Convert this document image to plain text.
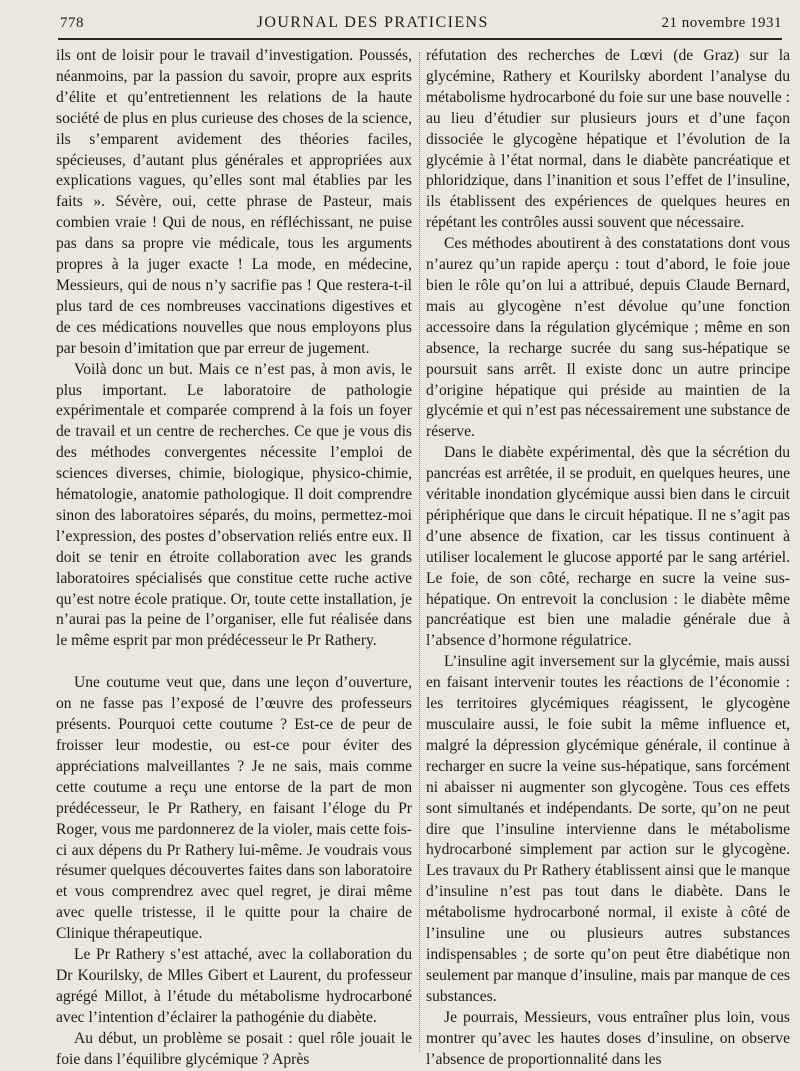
778	JOURNAL DES PRATICIENS	21 novembre 1931

ils ont de loisir pour le travail d’investigation. Poussés, néanmoins, par la passion du savoir, propre aux esprits d’élite et qu’entretiennent les relations de la haute société de plus en plus curieuse des choses de la science, ils s’emparent avidement des théories faciles, spécieuses, d’autant plus générales et appropriées aux explications vagues, qu’elles sont mal établies par les faits ». Sévère, oui, cette phrase de Pasteur, mais combien vraie ! Qui de nous, en réfléchissant, ne puise pas dans sa propre vie médicale, tous les arguments propres à la juger exacte ! La mode, en médecine, Messieurs, qui de nous n’y sacrifie pas ! Que restera-t-il plus tard de ces nombreuses vaccinations digestives et de ces médications nouvelles que nous employons plus par besoin d’imitation que par erreur de jugement.

Voilà donc un but. Mais ce n’est pas, à mon avis, le plus important. Le laboratoire de pathologie expérimentale et comparée comprend à la fois un foyer de travail et un centre de recherches. Ce que je vous dis des méthodes convergentes nécessite l’emploi de sciences diverses, chimie, biologique, physico-chimie, hématologie, anatomie pathologique. Il doit comprendre sinon des laboratoires séparés, du moins, permettez-moi l’expression, des postes d’observation reliés entre eux. Il doit se tenir en étroite collaboration avec les grands laboratoires spécialisés que constitue cette ruche active qu’est notre école pratique. Or, toute cette installation, je n’aurai pas la peine de l’organiser, elle fut réalisée dans le même esprit par mon prédécesseur le Pr Rathery.

Une coutume veut que, dans une leçon d’ouverture, on ne fasse pas l’exposé de l’œuvre des professeurs présents. Pourquoi cette coutume ? Est-ce de peur de froisser leur modestie, ou est-ce pour éviter des appréciations malveillantes ? Je ne sais, mais comme cette coutume a reçu une entorse de la part de mon prédécesseur, le Pr Rathery, en faisant l’éloge du Pr Roger, vous me pardonnerez de la violer, mais cette fois-ci aux dépens du Pr Rathery lui-même. Je voudrais vous résumer quelques découvertes faites dans son laboratoire et vous comprendrez avec quel regret, je dirai même avec quelle tristesse, il le quitte pour la chaire de Clinique thérapeutique.

Le Pr Rathery s’est attaché, avec la collaboration du Dr Kourilsky, de Mlles Gibert et Laurent, du professeur agrégé Millot, à l’étude du métabolisme hydrocarboné avec l’intention d’éclairer la pathogénie du diabète.

Au début, un problème se posait : quel rôle jouait le foie dans l’équilibre glycémique ? Après

réfutation des recherches de Lœvi (de Graz) sur la glycémine, Rathery et Kourilsky abordent l’analyse du métabolisme hydrocarboné du foie sur une base nouvelle : au lieu d’étudier sur plusieurs jours et d’une façon dissociée le glycogène hépatique et l’évolution de la glycémie à l’état normal, dans le diabète pancréatique et phloridzique, dans l’inanition et sous l’effet de l’insuline, ils établissent des expériences de quelques heures en répétant les contrôles aussi souvent que nécessaire.

Ces méthodes aboutirent à des constatations dont vous n’aurez qu’un rapide aperçu : tout d’abord, le foie joue bien le rôle qu’on lui a attribué, depuis Claude Bernard, mais au glycogène n’est dévolue qu’une fonction accessoire dans la régulation glycémique ; même en son absence, la recharge sucrée du sang sus-hépatique se poursuit sans arrêt. Il existe donc un autre principe d’origine hépatique qui préside au maintien de la glycémie et qui n’est pas nécessairement une substance de réserve.

Dans le diabète expérimental, dès que la sécrétion du pancréas est arrêtée, il se produit, en quelques heures, une véritable inondation glycémique aussi bien dans le circuit périphérique que dans le circuit hépatique. Il ne s’agit pas d’une absence de fixation, car les tissus continuent à utiliser localement le glucose apporté par le sang artériel. Le foie, de son côté, recharge en sucre la veine sus-hépatique. On entrevoit la conclusion : le diabète même pancréatique est bien une maladie générale due à l’absence d’hormone régulatrice.

L’insuline agit inversement sur la glycémie, mais aussi en faisant intervenir toutes les réactions de l’économie : les territoires glycémiques réagissent, le glycogène musculaire aussi, le foie subit la même influence et, malgré la dépression glycémique générale, il continue à recharger en sucre la veine sus-hépatique, sans forcément ni abaisser ni augmenter son glycogène. Tous ces effets sont simultanés et indépendants. De sorte, qu’on ne peut dire que l’insuline intervienne dans le métabolisme hydrocarboné simplement par action sur le glycogène. Les travaux du Pr Rathery établissent ainsi que le manque d’insuline n’est pas tout dans le diabète. Dans le métabolisme hydrocarboné normal, il existe à côté de l’insuline une ou plusieurs autres substances indispensables ; de sorte qu’on peut être diabétique non seulement par manque d’insuline, mais par manque de ces substances.

Je pourrais, Messieurs, vous entraîner plus loin, vous montrer qu’avec les hautes doses d’insuline, on observe l’absence de proportionnalité dans les
